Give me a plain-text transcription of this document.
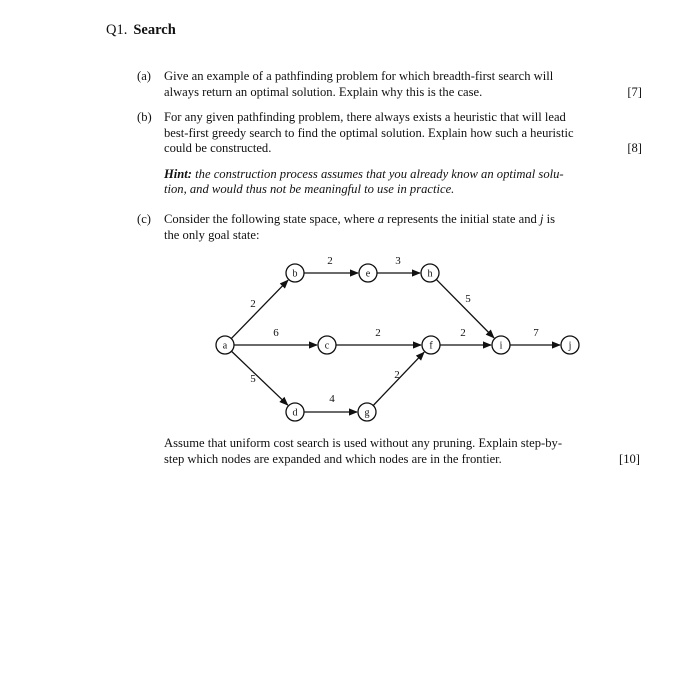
Q1. Search
(a) Give an example of a pathfinding problem for which breadth-first search will
always return an optimal solution. Explain why this is the case.	[7]
(b) For any given pathfinding problem, there always exists a heuristic that will lead
best-first greedy search to find the optimal solution. Explain how such a heuristic
could be constructed.	[8]
Hint: the construction process assumes that you already know an optimal solu-
tion, and would thus not be meaningful to use in practice.
(c) Consider the following state space, where a represents the initial state and j is
the only goal state:
2
6
5
2	3
5
2	2	7
4
2
a
b
c
d
e
f
g
h
i	j
Assume that uniform cost search is used without any pruning. Explain step-by-
step which nodes are expanded and which nodes are in the frontier.	[10]
